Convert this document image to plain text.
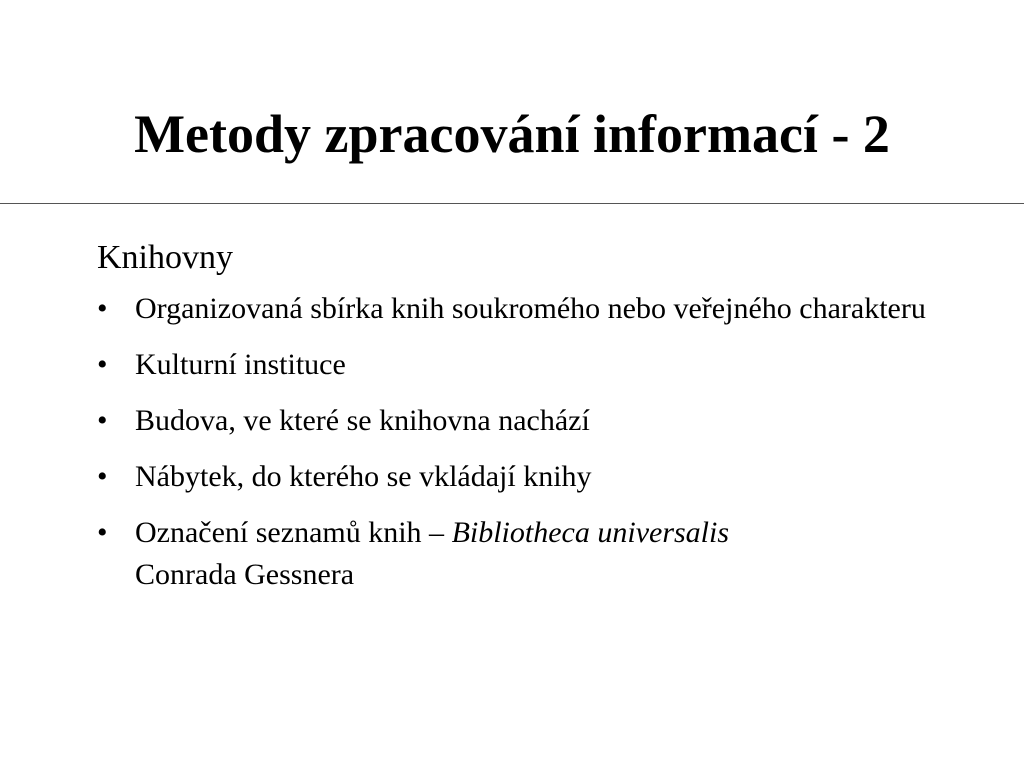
Metody zpracování informací - 2
Knihovny
• Organizovaná sbírka knih soukromého nebo veřejného charakteru
• Kulturní instituce
• Budova, ve které se knihovna nachází
• Nábytek, do kterého se vkládají knihy
• Označení seznamů knih – Bibliotheca universalis
Conrada Gessnera
